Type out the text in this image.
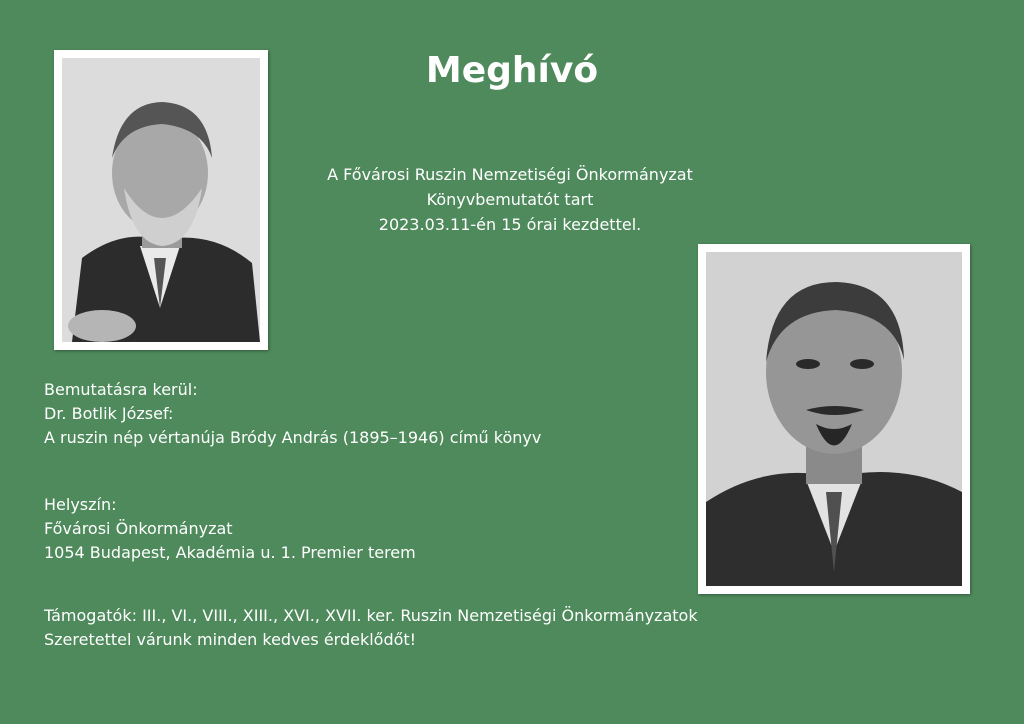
Meghívó
A Fővárosi Ruszin Nemzetiségi Önkormányzat
Könyvbemutatót tart
2023.03.11-én 15 órai kezdettel.
Bemutatásra kerül:
Dr. Botlik József:
A ruszin nép vértanúja Bródy András (1895–1946) című könyv
Helyszín:
Fővárosi Önkormányzat
1054 Budapest, Akadémia u. 1. Premier terem
Támogatók: III., VI., VIII., XIII., XVI., XVII. ker. Ruszin Nemzetiségi Önkormányzatok
Szeretettel várunk minden kedves érdeklődőt!
